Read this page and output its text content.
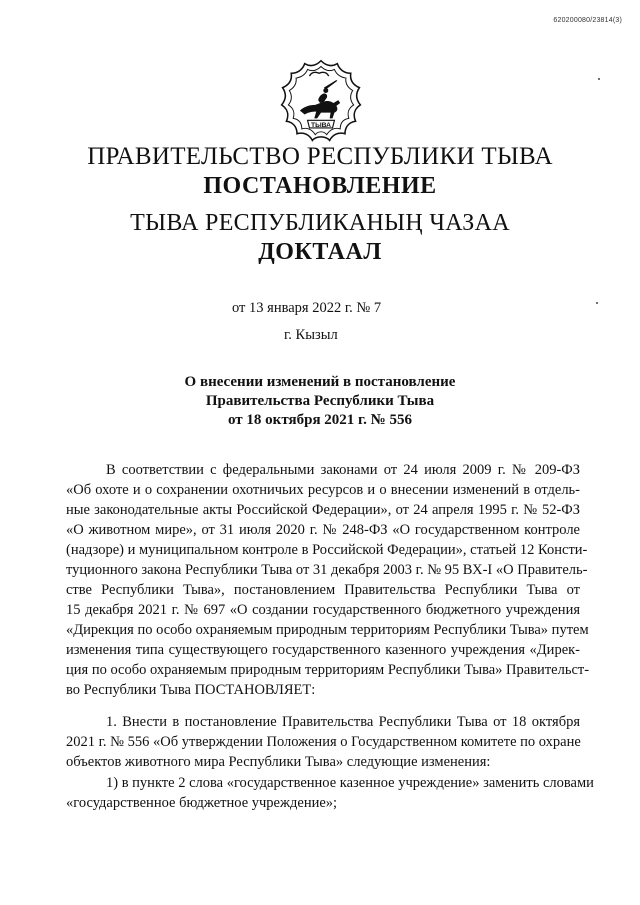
620200080/23814(3)
ТЫВА
ПРАВИТЕЛЬСТВО РЕСПУБЛИКИ ТЫВА
ПОСТАНОВЛЕНИЕ
ТЫВА РЕСПУБЛИКАНЫҢ ЧАЗАА
ДОКТААЛ
от 13 января 2022 г. № 7
г. Кызыл
О внесении изменений в постановление
Правительства Республики Тыва
от 18 октября 2021 г. № 556
В соответствии с федеральными законами от 24 июля 2009 г. № 209-ФЗ
«Об охоте и о сохранении охотничьих ресурсов и о внесении изменений в отдель-
ные законодательные акты Российской Федерации», от 24 апреля 1995 г. № 52-ФЗ
«О животном мире», от 31 июля 2020 г. № 248-ФЗ «О государственном контроле
(надзоре) и муниципальном контроле в Российской Федерации», статьей 12 Консти-
туционного закона Республики Тыва от 31 декабря 2003 г. № 95 ВХ-I «О Правитель-
стве Республики Тыва», постановлением Правительства Республики Тыва от
15 декабря 2021 г. № 697 «О создании государственного бюджетного учреждения
«Дирекция по особо охраняемым природным территориям Республики Тыва» путем
изменения типа существующего государственного казенного учреждения «Дирек-
ция по особо охраняемым природным территориям Республики Тыва» Правительст-
во Республики Тыва ПОСТАНОВЛЯЕТ:
1. Внести в постановление Правительства Республики Тыва от 18 октября
2021 г. № 556 «Об утверждении Положения о Государственном комитете по охране
объектов животного мира Республики Тыва» следующие изменения:
1) в пункте 2 слова «государственное казенное учреждение» заменить словами
«государственное бюджетное учреждение»;
